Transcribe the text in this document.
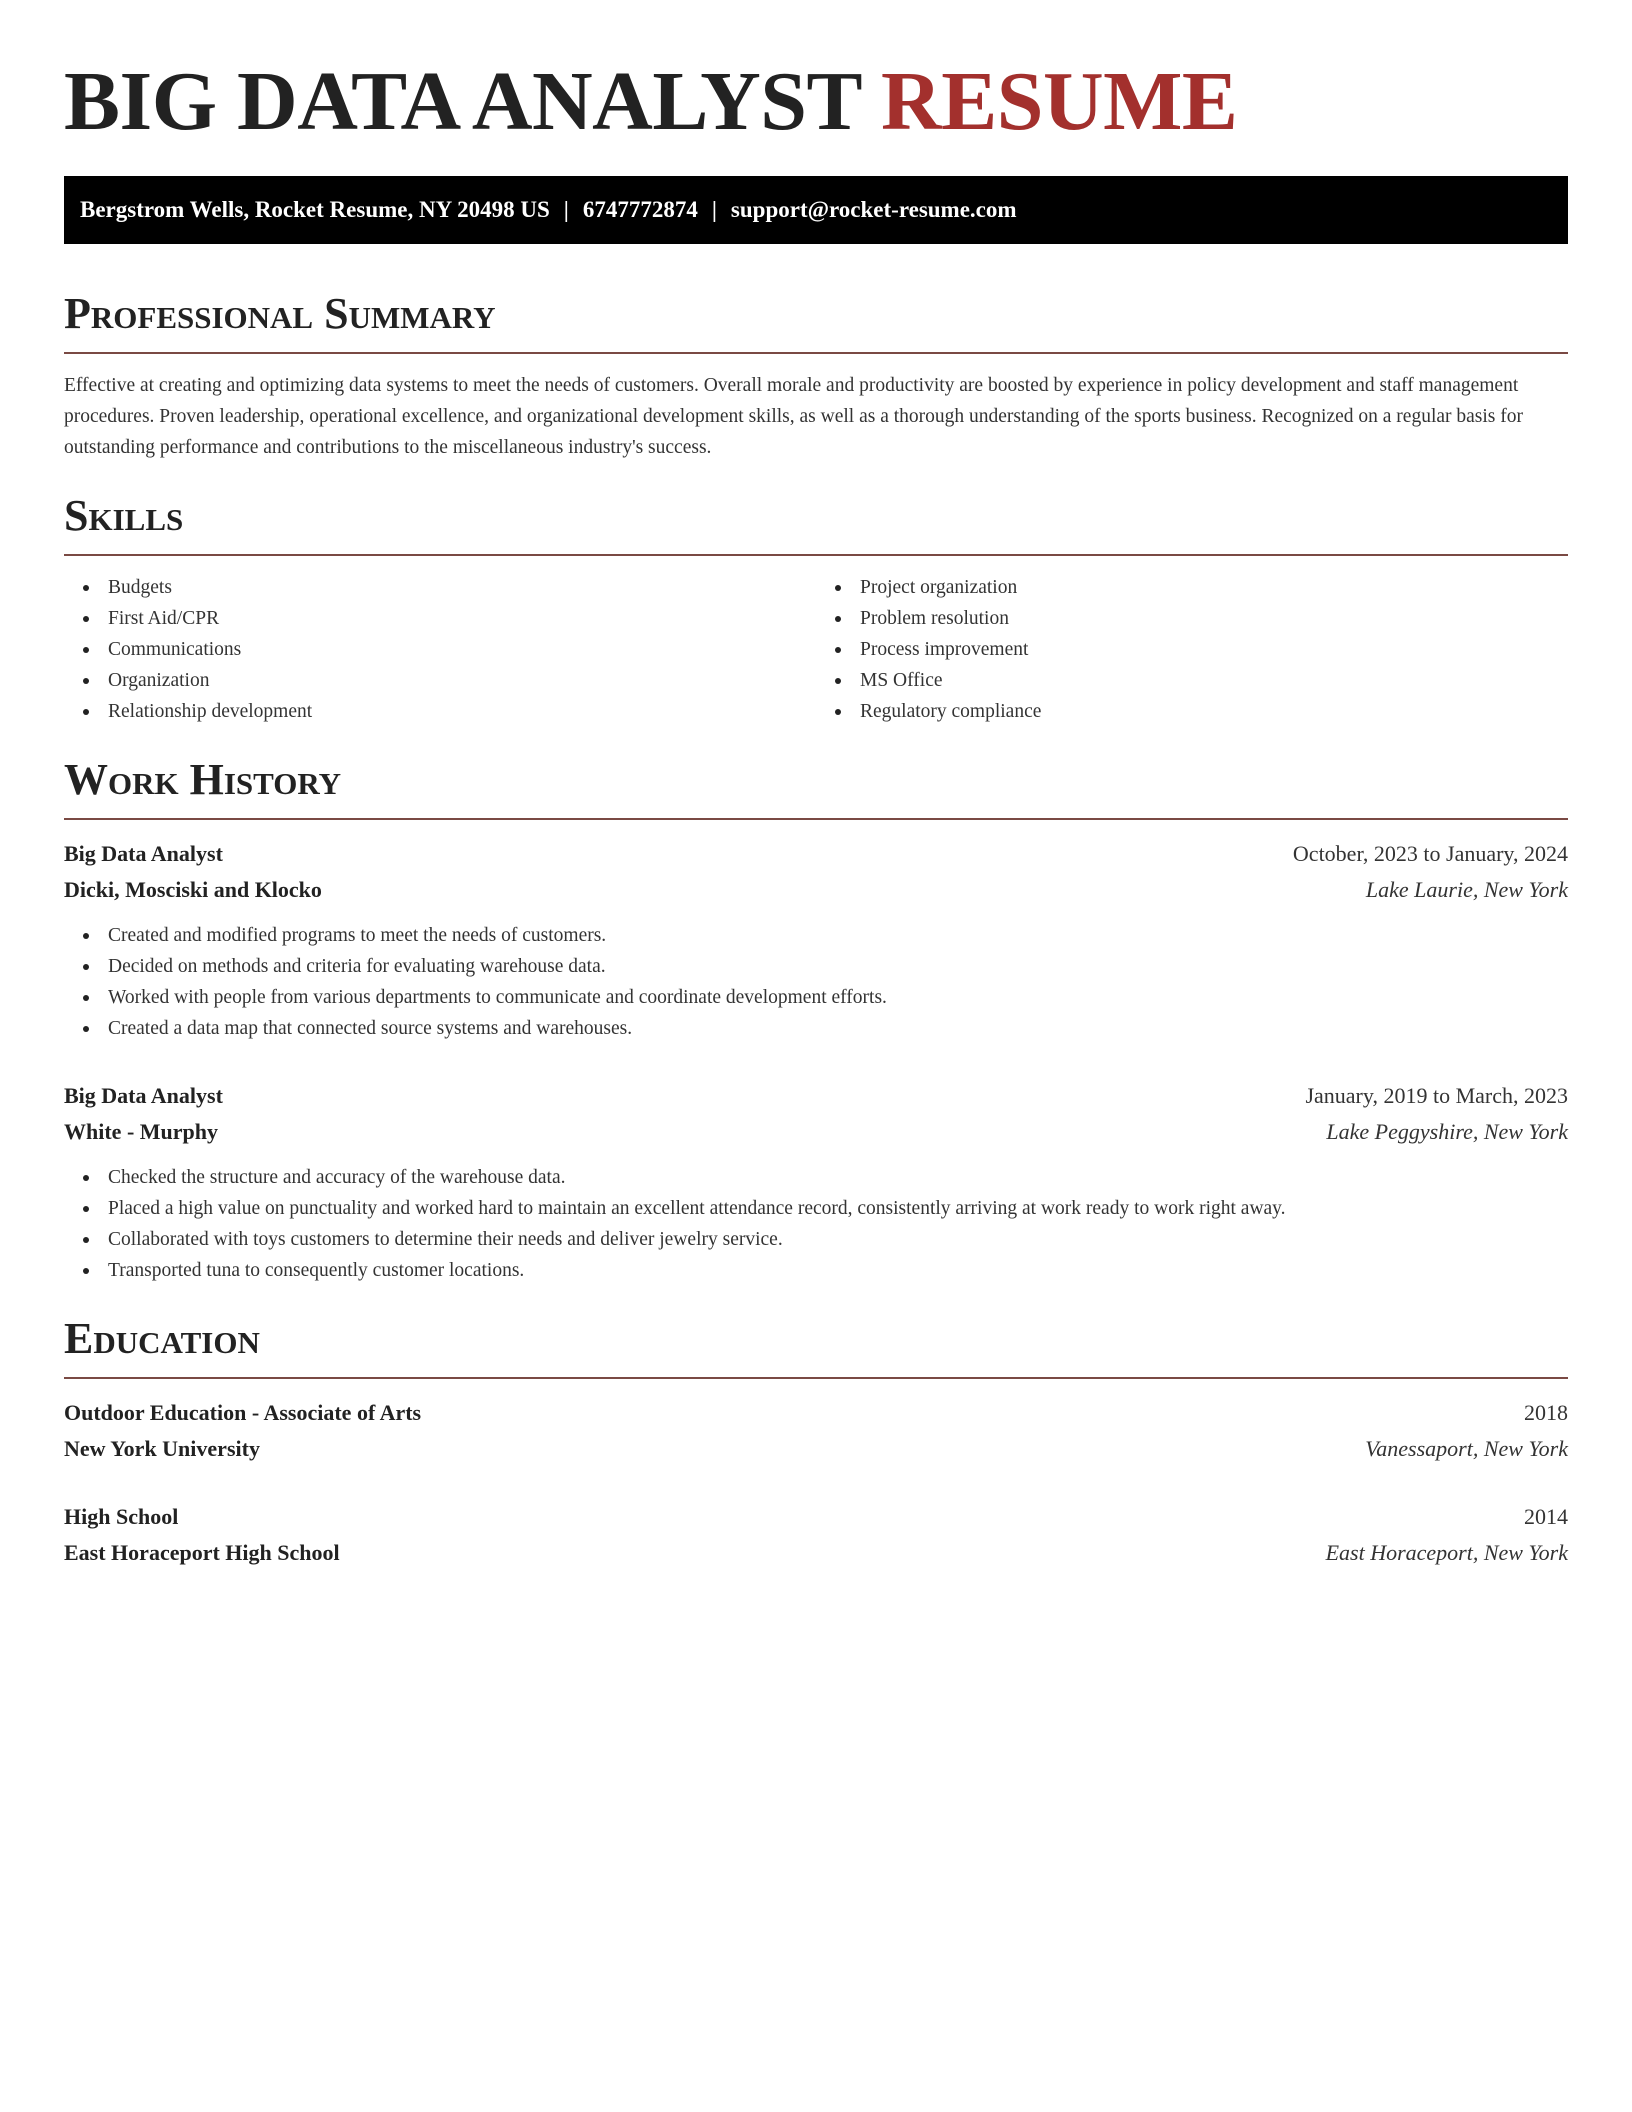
BIG DATA ANALYST RESUME
Bergstrom Wells, Rocket Resume, NY 20498 US | 6747772874 | support@rocket-resume.com
Professional Summary

Effective at creating and optimizing data systems to meet the needs of customers. Overall morale and productivity are boosted by experience in policy development and staff management procedures. Proven leadership, operational excellence, and organizational development skills, as well as a thorough understanding of the sports business. Recognized on a regular basis for outstanding performance and contributions to the miscellaneous industry's success.

Skills
Budgets
First Aid/CPR
Communications
Organization
Relationship development
Project organization
Problem resolution
Process improvement
MS Office
Regulatory compliance
Work History
Big Data Analyst	October, 2023 to January, 2024
Dicki, Mosciski and Klocko	Lake Laurie, New York
Created and modified programs to meet the needs of customers.
Decided on methods and criteria for evaluating warehouse data.
Worked with people from various departments to communicate and coordinate development efforts.
Created a data map that connected source systems and warehouses.
Big Data Analyst	January, 2019 to March, 2023
White - Murphy	Lake Peggyshire, New York
Checked the structure and accuracy of the warehouse data.
Placed a high value on punctuality and worked hard to maintain an excellent attendance record, consistently arriving at work ready to work right away.
Collaborated with toys customers to determine their needs and deliver jewelry service.
Transported tuna to consequently customer locations.
Education
Outdoor Education - Associate of Arts	2018
New York University	Vanessaport, New York
High School	2014
East Horaceport High School	East Horaceport, New York
